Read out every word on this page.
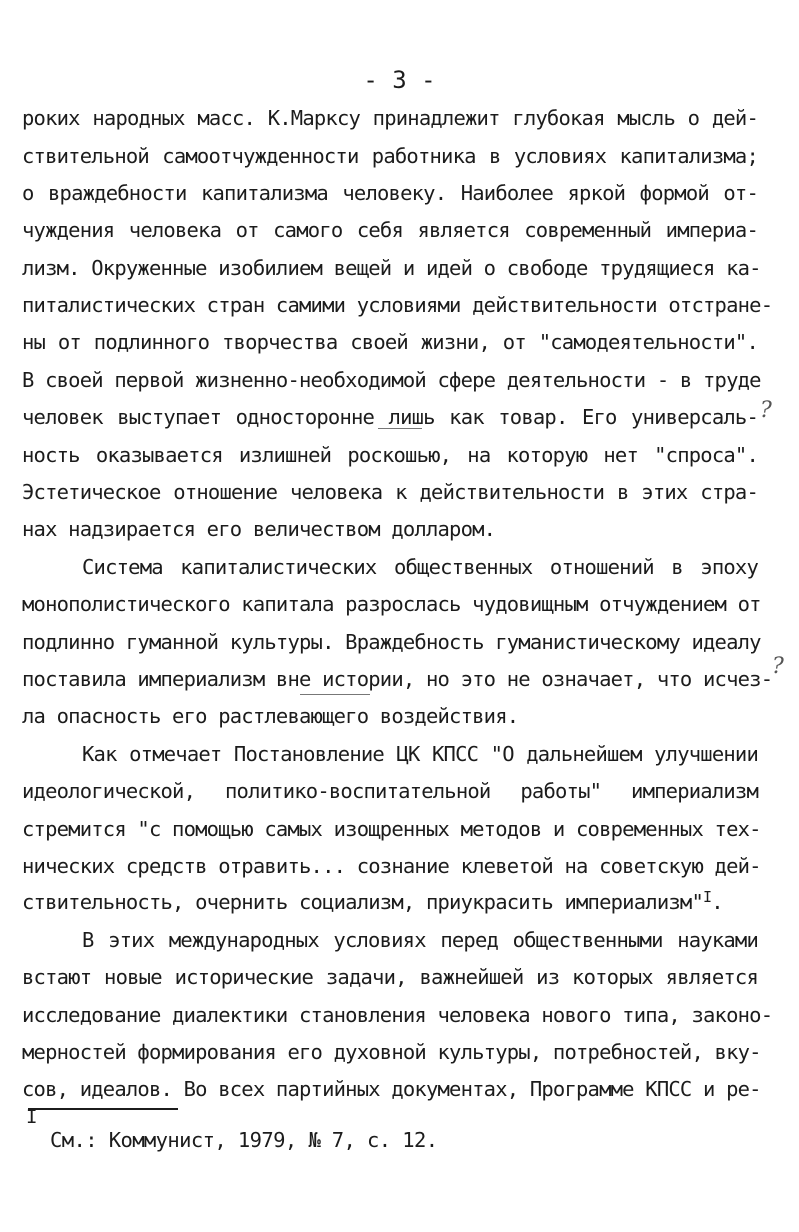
- 3 -
роких народных масс. К.Марксу принадлежит глубокая мысль о дей-
ствительной самоотчужденности работника в условиях капитализма;
о враждебности капитализма человеку. Наиболее яркой формой от-
чуждения человека от самого себя является современный империа-
лизм. Окруженные изобилием вещей и идей о свободе трудящиеся ка-
питалистических стран самими условиями действительности отстране-
ны от подлинного творчества своей жизни, от "самодеятельности".
В своей первой жизненно-необходимой сфере деятельности - в труде
человек выступает односторонне лишь как товар. Его универсаль-
ность оказывается излишней роскошью, на которую нет "спроса".
Эстетическое отношение человека к действительности в этих стра-
нах надзирается его величеством долларом.
Система капиталистических общественных отношений в эпоху
монополистического капитала разрослась чудовищным отчуждением от
подлинно гуманной культуры. Враждебность гуманистическому идеалу
поставила империализм вне истории, но это не означает, что исчез-
ла опасность его растлевающего воздействия.
Как отмечает Постановление ЦК КПСС "О дальнейшем улучшении
идеологической, политико-воспитательной работы" империализм
стремится "с помощью самых изощренных методов и современных тех-
нических средств отравить... сознание клеветой на советскую дей-
ствительность, очернить социализм, приукрасить империализм"$^I$.
В этих международных условиях перед общественными науками
встают новые исторические задачи, важнейшей из которых является
исследование диалектики становления человека нового типа, законо-
мерностей формирования его духовной культуры, потребностей, вку-
сов, идеалов. Во всех партийных документах, Программе КПСС и ре-
I
См.: Коммунист, 1979, № 7, с. 12.
?
?
